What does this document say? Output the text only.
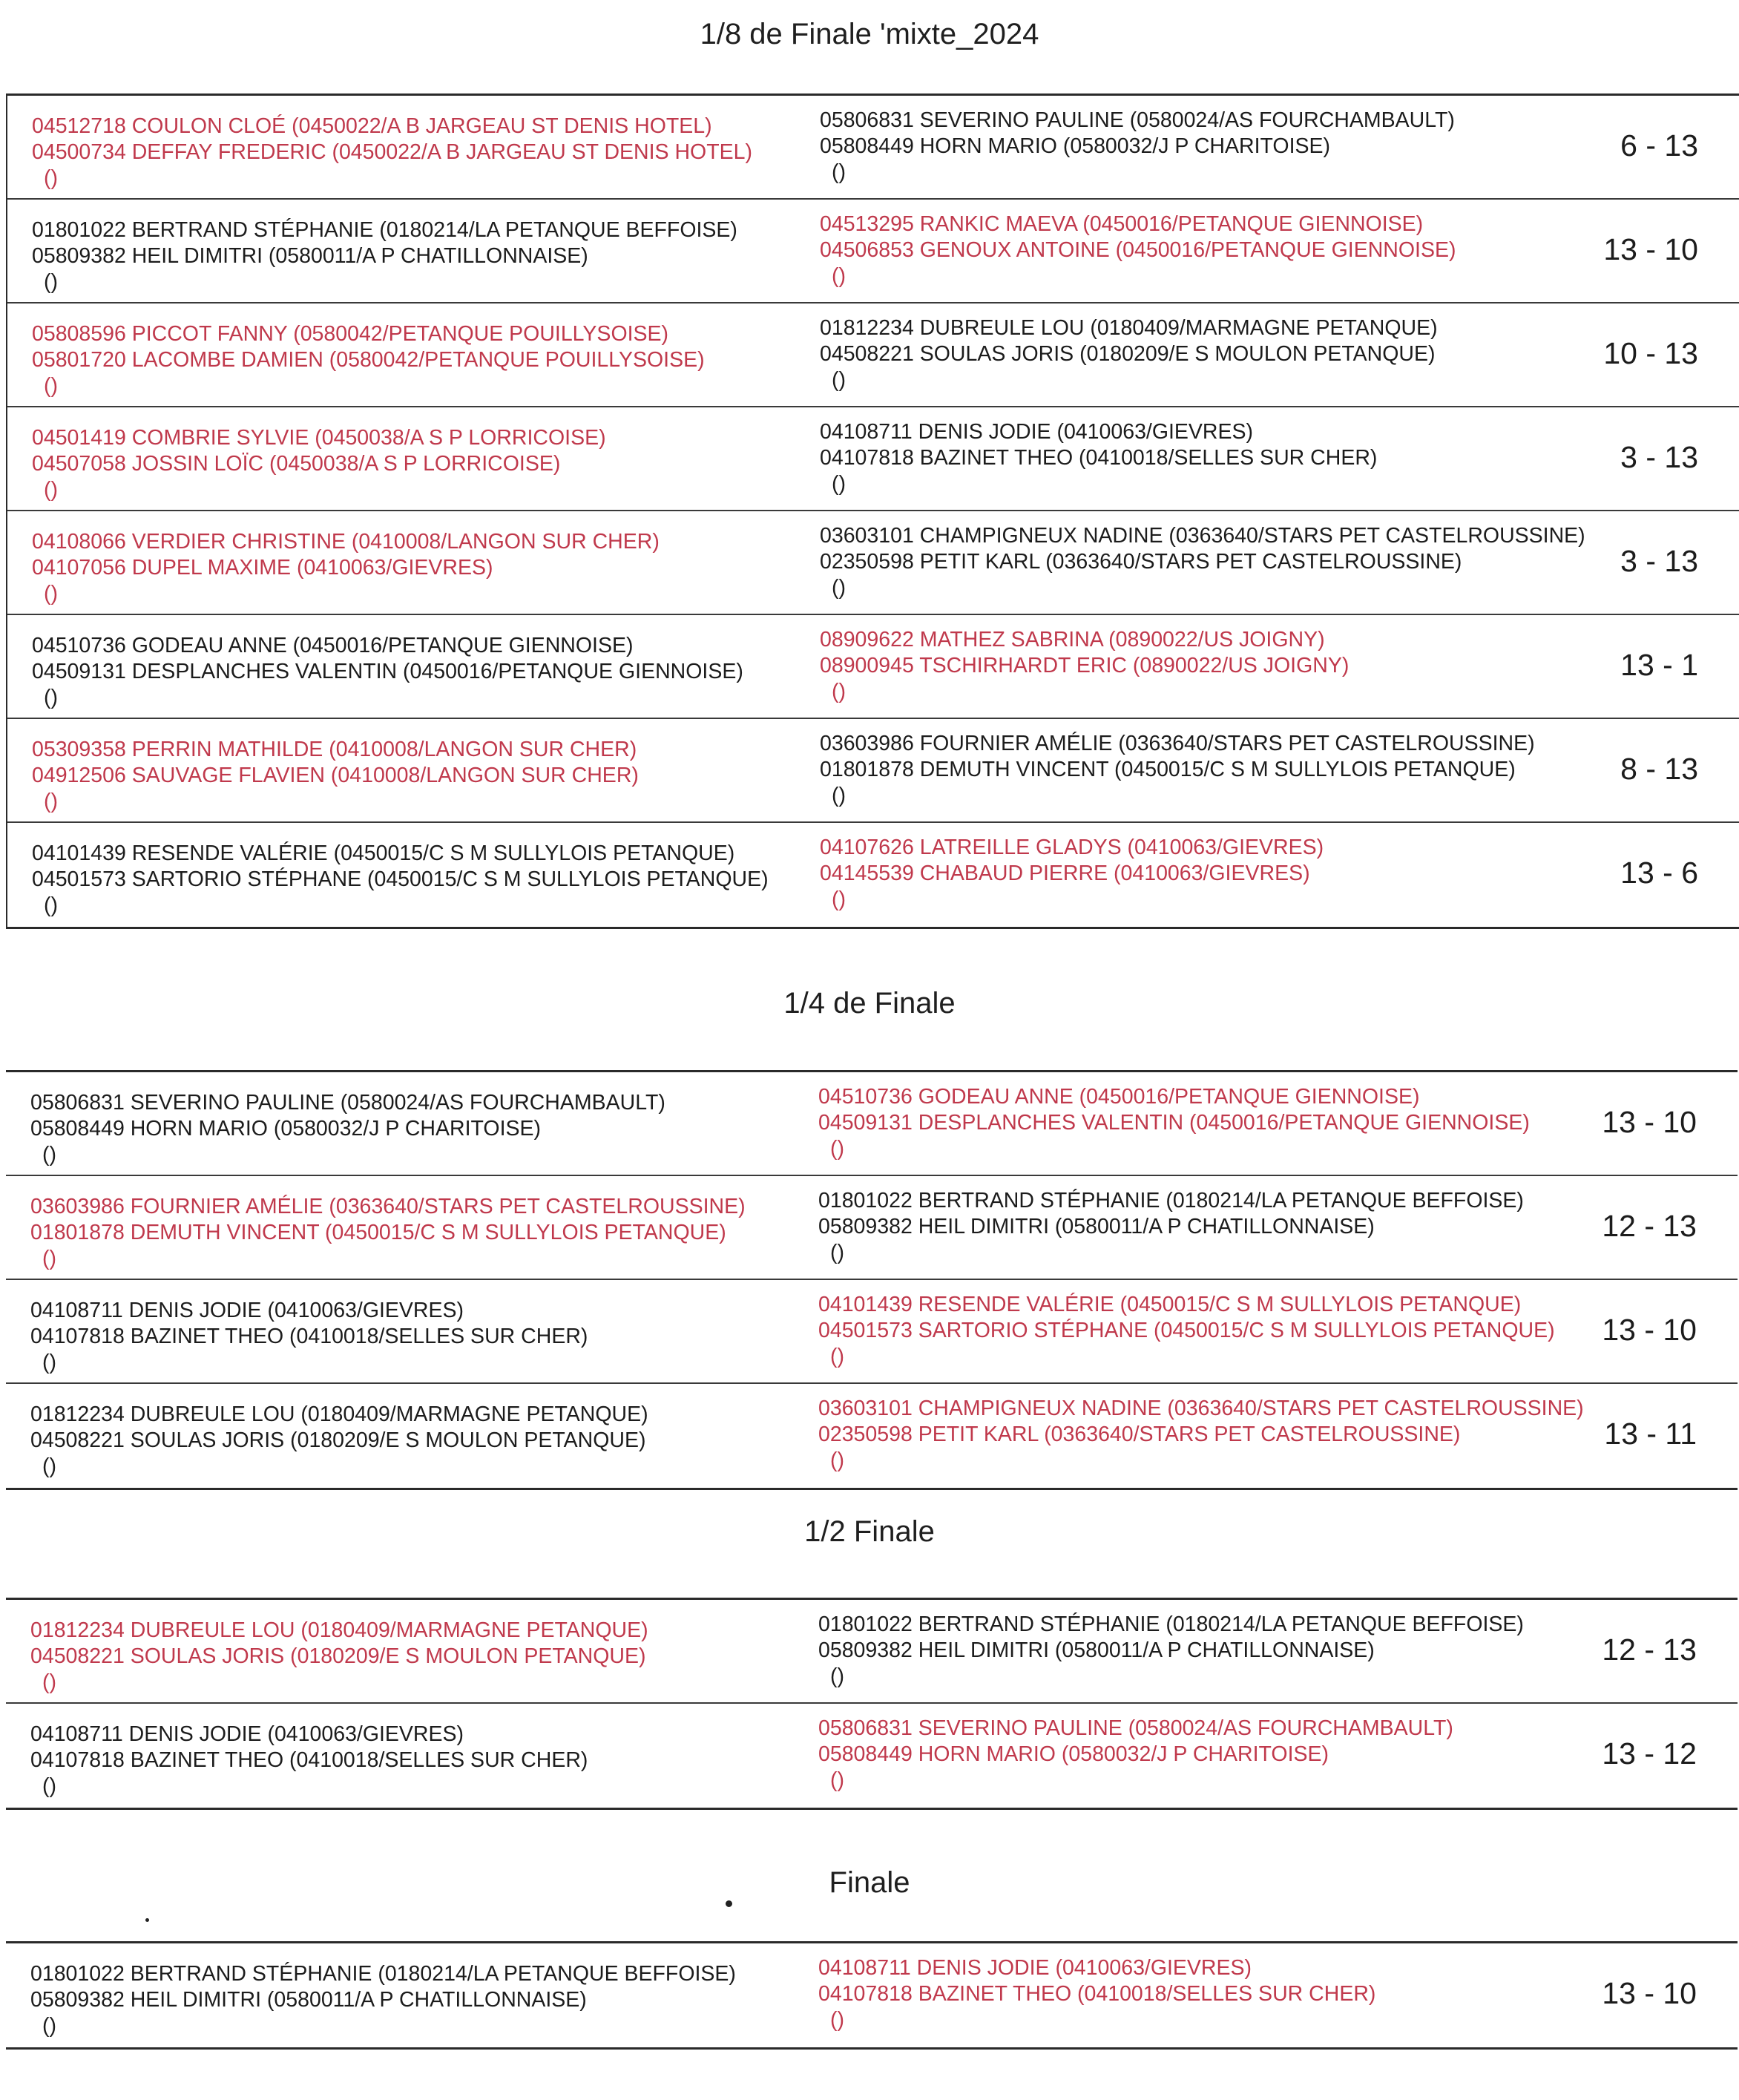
1/8 de Finale 'mixte_2024
1/4 de Finale
1/2 Finale
Finale
04512718 COULON CLOÉ (0450022/A B JARGEAU ST DENIS HOTEL)
04500734 DEFFAY FREDERIC (0450022/A B JARGEAU ST DENIS HOTEL)
()
05806831 SEVERINO PAULINE (0580024/AS FOURCHAMBAULT)
05808449 HORN MARIO (0580032/J P CHARITOISE)
()
6 - 13
01801022 BERTRAND STÉPHANIE (0180214/LA PETANQUE BEFFOISE)
05809382 HEIL DIMITRI (0580011/A P CHATILLONNAISE)
()
04513295 RANKIC MAEVA (0450016/PETANQUE GIENNOISE)
04506853 GENOUX ANTOINE (0450016/PETANQUE GIENNOISE)
()
13 - 10
05808596 PICCOT FANNY (0580042/PETANQUE POUILLYSOISE)
05801720 LACOMBE DAMIEN (0580042/PETANQUE POUILLYSOISE)
()
01812234 DUBREULE LOU (0180409/MARMAGNE PETANQUE)
04508221 SOULAS JORIS (0180209/E S MOULON PETANQUE)
()
10 - 13
04501419 COMBRIE SYLVIE (0450038/A S P LORRICOISE)
04507058 JOSSIN LOÏC (0450038/A S P LORRICOISE)
()
04108711 DENIS JODIE (0410063/GIEVRES)
04107818 BAZINET THEO (0410018/SELLES SUR CHER)
()
3 - 13
04108066 VERDIER CHRISTINE (0410008/LANGON SUR CHER)
04107056 DUPEL MAXIME (0410063/GIEVRES)
()
03603101 CHAMPIGNEUX NADINE (0363640/STARS PET CASTELROUSSINE)
02350598 PETIT KARL (0363640/STARS PET CASTELROUSSINE)
()
3 - 13
04510736 GODEAU ANNE (0450016/PETANQUE GIENNOISE)
04509131 DESPLANCHES VALENTIN (0450016/PETANQUE GIENNOISE)
()
08909622 MATHEZ SABRINA (0890022/US JOIGNY)
08900945 TSCHIRHARDT ERIC (0890022/US JOIGNY)
()
13 - 1
05309358 PERRIN MATHILDE (0410008/LANGON SUR CHER)
04912506 SAUVAGE FLAVIEN (0410008/LANGON SUR CHER)
()
03603986 FOURNIER AMÉLIE (0363640/STARS PET CASTELROUSSINE)
01801878 DEMUTH VINCENT (0450015/C S M SULLYLOIS PETANQUE)
()
8 - 13
04101439 RESENDE VALÉRIE (0450015/C S M SULLYLOIS PETANQUE)
04501573 SARTORIO STÉPHANE (0450015/C S M SULLYLOIS PETANQUE)
()
04107626 LATREILLE GLADYS (0410063/GIEVRES)
04145539 CHABAUD PIERRE (0410063/GIEVRES)
()
13 - 6
05806831 SEVERINO PAULINE (0580024/AS FOURCHAMBAULT)
05808449 HORN MARIO (0580032/J P CHARITOISE)
()
04510736 GODEAU ANNE (0450016/PETANQUE GIENNOISE)
04509131 DESPLANCHES VALENTIN (0450016/PETANQUE GIENNOISE)
()
13 - 10
03603986 FOURNIER AMÉLIE (0363640/STARS PET CASTELROUSSINE)
01801878 DEMUTH VINCENT (0450015/C S M SULLYLOIS PETANQUE)
()
01801022 BERTRAND STÉPHANIE (0180214/LA PETANQUE BEFFOISE)
05809382 HEIL DIMITRI (0580011/A P CHATILLONNAISE)
()
12 - 13
04108711 DENIS JODIE (0410063/GIEVRES)
04107818 BAZINET THEO (0410018/SELLES SUR CHER)
()
04101439 RESENDE VALÉRIE (0450015/C S M SULLYLOIS PETANQUE)
04501573 SARTORIO STÉPHANE (0450015/C S M SULLYLOIS PETANQUE)
()
13 - 10
01812234 DUBREULE LOU (0180409/MARMAGNE PETANQUE)
04508221 SOULAS JORIS (0180209/E S MOULON PETANQUE)
()
03603101 CHAMPIGNEUX NADINE (0363640/STARS PET CASTELROUSSINE)
02350598 PETIT KARL (0363640/STARS PET CASTELROUSSINE)
()
13 - 11
01812234 DUBREULE LOU (0180409/MARMAGNE PETANQUE)
04508221 SOULAS JORIS (0180209/E S MOULON PETANQUE)
()
01801022 BERTRAND STÉPHANIE (0180214/LA PETANQUE BEFFOISE)
05809382 HEIL DIMITRI (0580011/A P CHATILLONNAISE)
()
12 - 13
04108711 DENIS JODIE (0410063/GIEVRES)
04107818 BAZINET THEO (0410018/SELLES SUR CHER)
()
05806831 SEVERINO PAULINE (0580024/AS FOURCHAMBAULT)
05808449 HORN MARIO (0580032/J P CHARITOISE)
()
13 - 12
01801022 BERTRAND STÉPHANIE (0180214/LA PETANQUE BEFFOISE)
05809382 HEIL DIMITRI (0580011/A P CHATILLONNAISE)
()
04108711 DENIS JODIE (0410063/GIEVRES)
04107818 BAZINET THEO (0410018/SELLES SUR CHER)
()
13 - 10
